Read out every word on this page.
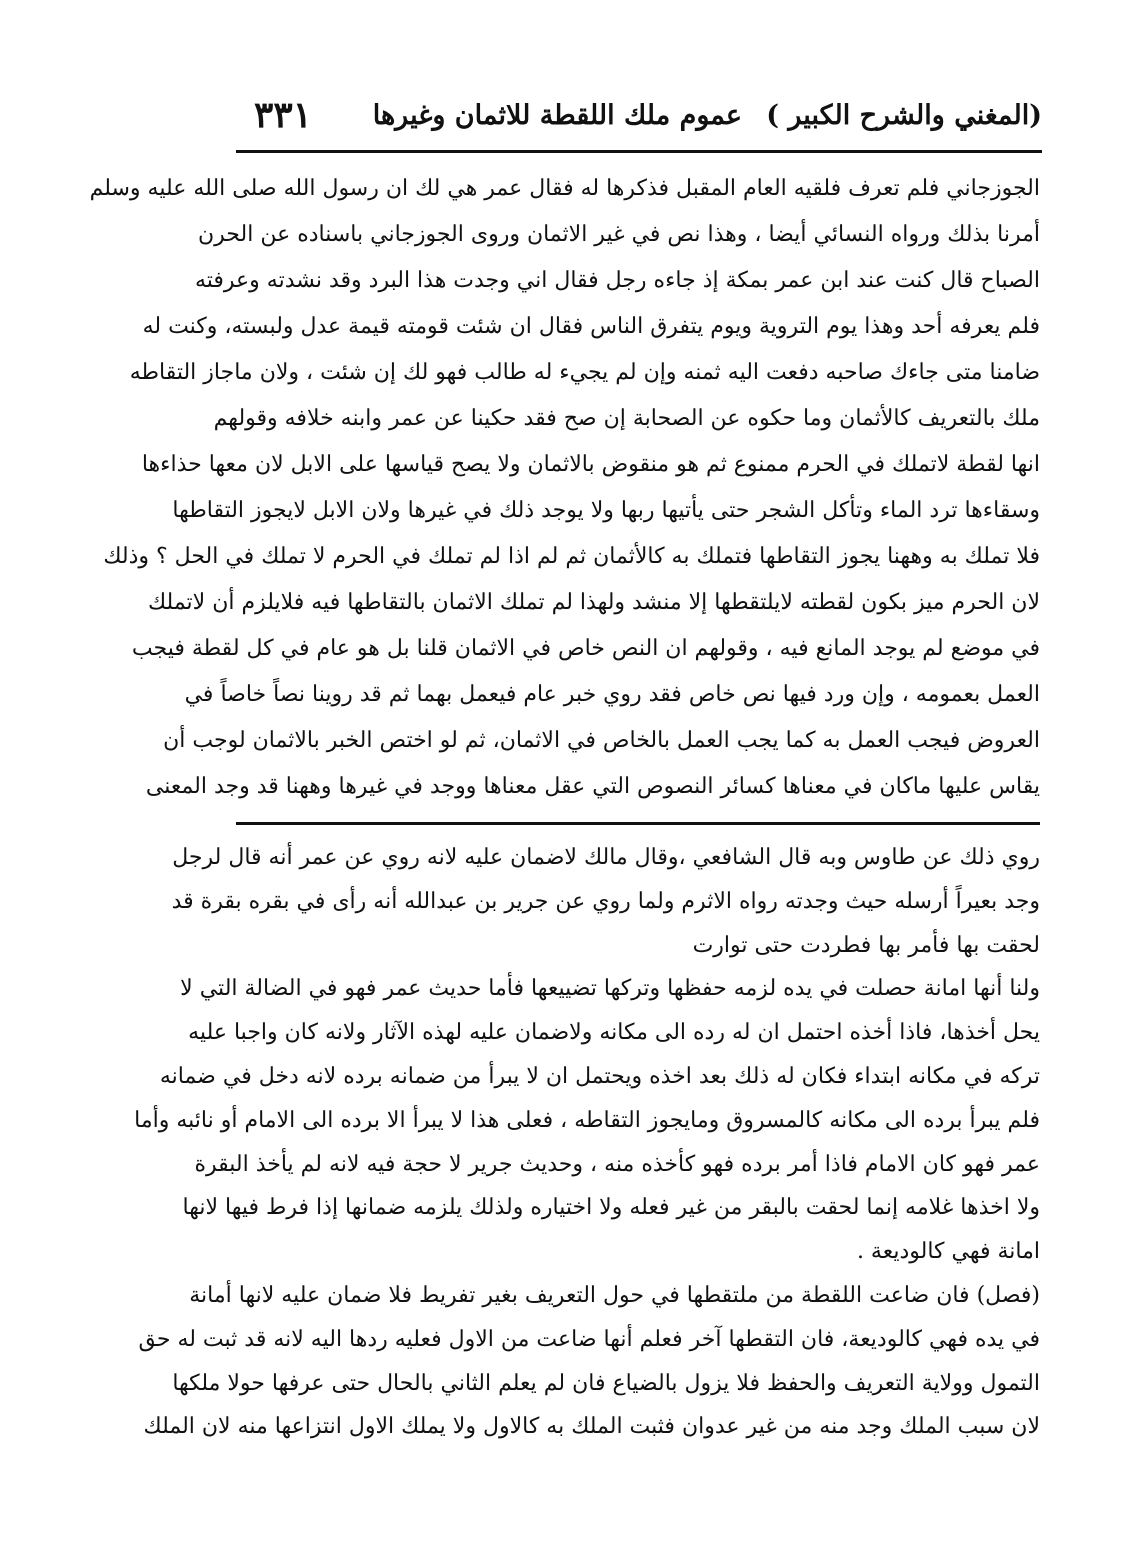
(المغني والشرح الكبير )
عموم ملك اللقطة للاثمان وغيرها
٣٣١
الجوزجاني فلم تعرف فلقيه العام المقبل فذكرها له فقال عمر هي لك ان رسول الله صلى الله عليه وسلم
أمرنا بذلك ورواه النسائي أيضا ، وهذا نص في غير الاثمان وروى الجوزجاني باسناده عن الحرن
الصباح قال كنت عند ابن عمر بمكة إذ جاءه رجل فقال اني وجدت هذا البرد وقد نشدته وعرفته
فلم يعرفه أحد وهذا يوم التروية ويوم يتفرق الناس فقال ان شئت قومته قيمة عدل ولبسته، وكنت له
ضامنا متى جاءك صاحبه دفعت اليه ثمنه وإن لم يجيء له طالب فهو لك إن شئت ، ولان ماجاز التقاطه
ملك بالتعريف كالأثمان وما حكوه عن الصحابة إن صح فقد حكينا عن عمر وابنه خلافه وقولهم
انها لقطة لاتملك في الحرم ممنوع ثم هو منقوض بالاثمان ولا يصح قياسها على الابل لان معها حذاءها
وسقاءها ترد الماء وتأكل الشجر حتى يأتيها ربها ولا يوجد ذلك في غيرها ولان الابل لايجوز التقاطها
فلا تملك به وههنا يجوز التقاطها فتملك به كالأثمان ثم لم اذا لم تملك في الحرم لا تملك في الحل ؟ وذلك
لان الحرم ميز بكون لقطته لايلتقطها إلا منشد ولهذا لم تملك الاثمان بالتقاطها فيه فلايلزم أن لاتملك
في موضع لم يوجد المانع فيه ، وقولهم ان النص خاص في الاثمان قلنا بل هو عام في كل لقطة فيجب
العمل بعمومه ، وإن ورد فيها نص خاص فقد روي خبر عام فيعمل بهما ثم قد روينا نصاً خاصاً في
العروض فيجب العمل به كما يجب العمل بالخاص في الاثمان، ثم لو اختص الخبر بالاثمان لوجب أن
يقاس عليها ماكان في معناها كسائر النصوص التي عقل معناها ووجد في غيرها وههنا قد وجد المعنى
روي ذلك عن طاوس وبه قال الشافعي ،وقال مالك لاضمان عليه لانه روي عن عمر أنه قال لرجل
وجد بعيراً أرسله حيث وجدته رواه الاثرم ولما روي عن جرير بن عبدالله أنه رأى في بقره بقرة قد
لحقت بها فأمر بها فطردت حتى توارت
ولنا أنها امانة حصلت في يده لزمه حفظها وتركها تضييعها فأما حديث عمر فهو في الضالة التي لا
يحل أخذها، فاذا أخذه احتمل ان له رده الى مكانه ولاضمان عليه لهذه الآثار ولانه كان واجبا عليه
تركه في مكانه ابتداء فكان له ذلك بعد اخذه ويحتمل ان لا يبرأ من ضمانه برده لانه دخل في ضمانه
فلم يبرأ برده الى مكانه كالمسروق ومايجوز التقاطه ، فعلى هذا لا يبرأ الا برده الى الامام أو نائبه وأما
عمر فهو كان الامام فاذا أمر برده فهو كأخذه منه ، وحديث جرير لا حجة فيه لانه لم يأخذ البقرة
ولا اخذها غلامه إنما لحقت بالبقر من غير فعله ولا اختياره ولذلك يلزمه ضمانها إذا فرط فيها لانها
امانة فهي كالوديعة .
(فصل) فان ضاعت اللقطة من ملتقطها في حول التعريف بغير تفريط فلا ضمان عليه لانها أمانة
في يده فهي كالوديعة، فان التقطها آخر فعلم أنها ضاعت من الاول فعليه ردها اليه لانه قد ثبت له حق
التمول وولاية التعريف والحفظ فلا يزول بالضياع فان لم يعلم الثاني بالحال حتى عرفها حولا ملكها
لان سبب الملك وجد منه من غير عدوان فثبت الملك به كالاول ولا يملك الاول انتزاعها منه لان الملك
